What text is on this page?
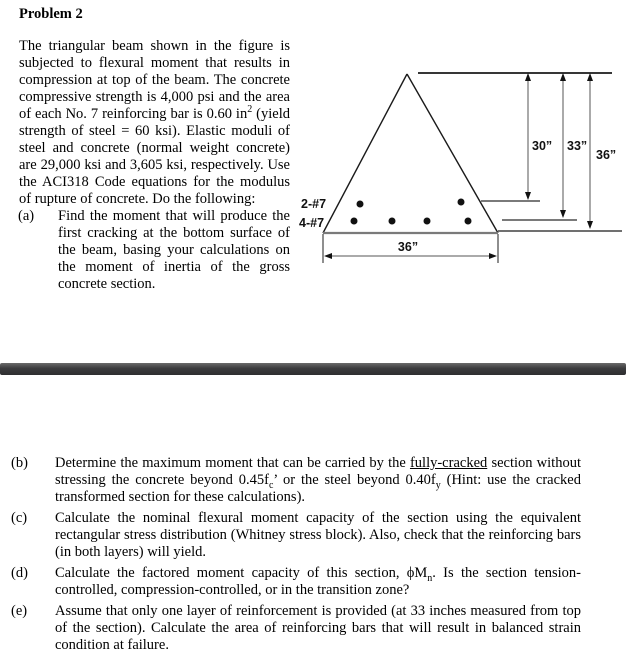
Problem 2

The triangular beam shown in the figure is subjected to flexural moment that results in compression at top of the beam. The concrete compressive strength is 4,000 psi and the area of each No. 7 reinforcing bar is 0.60 $in^2$ (yield strength of steel = 60 ksi). Elastic moduli of steel and concrete (normal weight concrete) are 29,000 ksi and 3,605 ksi, respectively. Use the ACI318 Code equations for the modulus of rupture of concrete. Do the following:

(a) Find the moment that will produce the first cracking at the bottom surface of the beam, basing your calculations on the moment of inertia of the gross concrete section.
2-#7
4-#7
36”
30” 33”
36”
(b) Determine the maximum moment that can be carried by the fully-cracked section without stressing the concrete beyond $0.45f_c$’ or the steel beyond $0.40f_y$ (Hint: use the cracked transformed section for these calculations).
(c) Calculate the nominal flexural moment capacity of the section using the equivalent rectangular stress distribution (Whitney stress block). Also, check that the reinforcing bars (in both layers) will yield.
(d) Calculate the factored moment capacity of this section, $\phi M_n$. Is the section tension-controlled, compression-controlled, or in the transition zone?
(e) Assume that only one layer of reinforcement is provided (at 33 inches measured from top of the section). Calculate the area of reinforcing bars that will result in balanced strain condition at failure.
